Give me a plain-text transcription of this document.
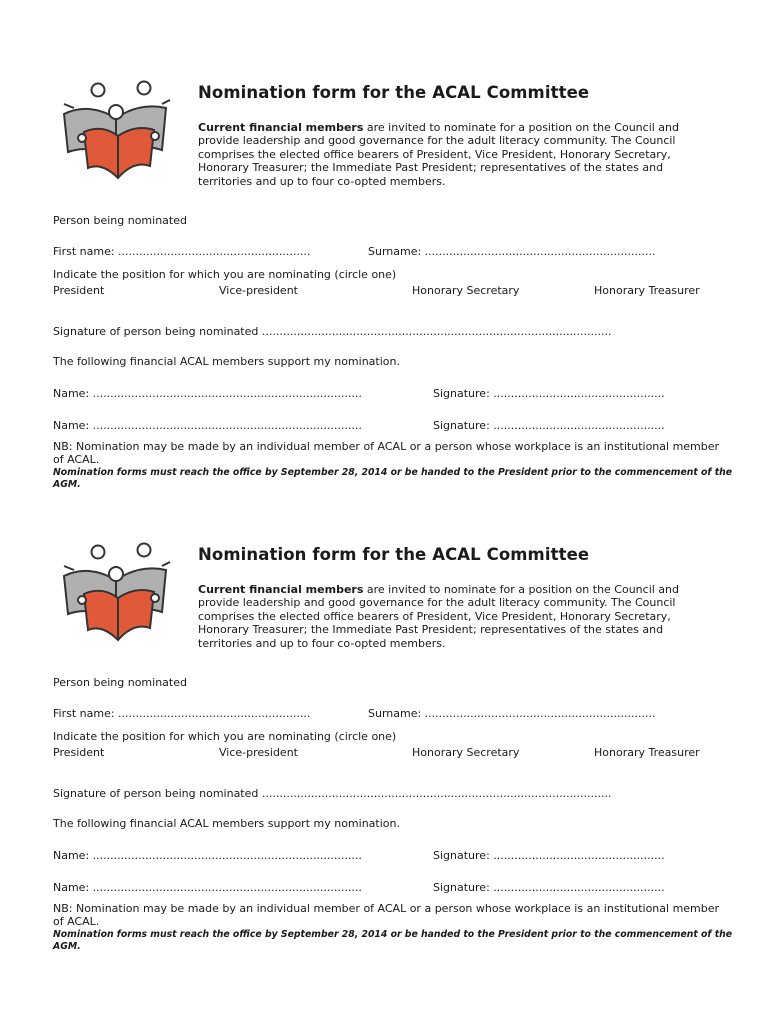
Nomination form for the ACAL Committee
Current financial members are invited to nominate for a position on the Council and provide leadership and good governance for the adult literacy community. The Council comprises the elected office bearers of President, Vice President, Honorary Secretary, Honorary Treasurer; the Immediate Past President; representatives of the states and territories and up to four co-opted members.
Person being nominated
First name: .......................................................	Surname: ..................................................................
Indicate the position for which you are nominating (circle one)
President	Vice-president	Honorary Secretary	Honorary Treasurer
Signature of person being nominated ....................................................................................................
The following financial ACAL members support my nomination.
Name: .............................................................................	Signature: .................................................
Name: .............................................................................	Signature: .................................................
NB: Nomination may be made by an individual member of ACAL or a person whose workplace is an institutional member of ACAL.
Nomination forms must reach the office by September 28, 2014 or be handed to the President prior to the commencement of the AGM.
Nomination form for the ACAL Committee
Current financial members are invited to nominate for a position on the Council and provide leadership and good governance for the adult literacy community. The Council comprises the elected office bearers of President, Vice President, Honorary Secretary, Honorary Treasurer; the Immediate Past President; representatives of the states and territories and up to four co-opted members.
Person being nominated
First name: .......................................................	Surname: ..................................................................
Indicate the position for which you are nominating (circle one)
President	Vice-president	Honorary Secretary	Honorary Treasurer
Signature of person being nominated ....................................................................................................
The following financial ACAL members support my nomination.
Name: .............................................................................	Signature: .................................................
Name: .............................................................................	Signature: .................................................
NB: Nomination may be made by an individual member of ACAL or a person whose workplace is an institutional member of ACAL.
Nomination forms must reach the office by September 28, 2014 or be handed to the President prior to the commencement of the AGM.
